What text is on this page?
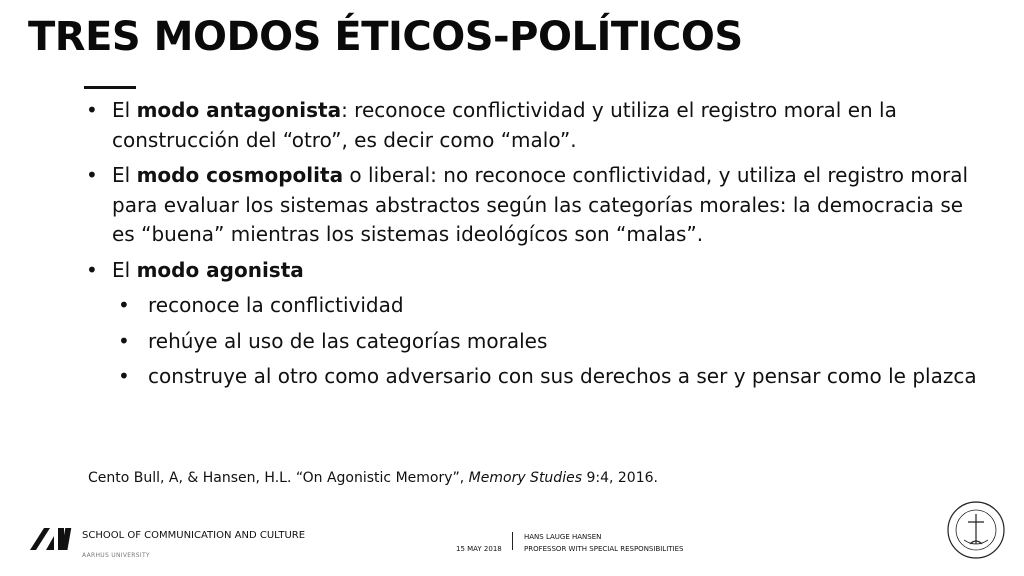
TRES MODOS ÉTICOS-POLÍTICOS
• El modo antagonista: reconoce conflictividad y utiliza el registro moral en la construcción del “otro”, es decir como “malo”.
• El modo cosmopolita o liberal: no reconoce conflictividad, y utiliza el registro moral para evaluar los sistemas abstractos según las categorías morales: la democracia se es “buena” mientras los sistemas ideológícos son “malas”.
• El modo agonista
• reconoce la conflictividad
• rehúye al uso de las categorías morales
• construye al otro como adversario con sus derechos a ser y pensar como le plazca
Cento Bull, A, & Hansen, H.L. “On Agonistic Memory”, Memory Studies 9:4, 2016.
SCHOOL OF COMMUNICATION AND CULTURE
AARHUS UNIVERSITY
15 MAY 2018
HANS LAUGE HANSEN
PROFESSOR WITH SPECIAL RESPONSIBILITIES
